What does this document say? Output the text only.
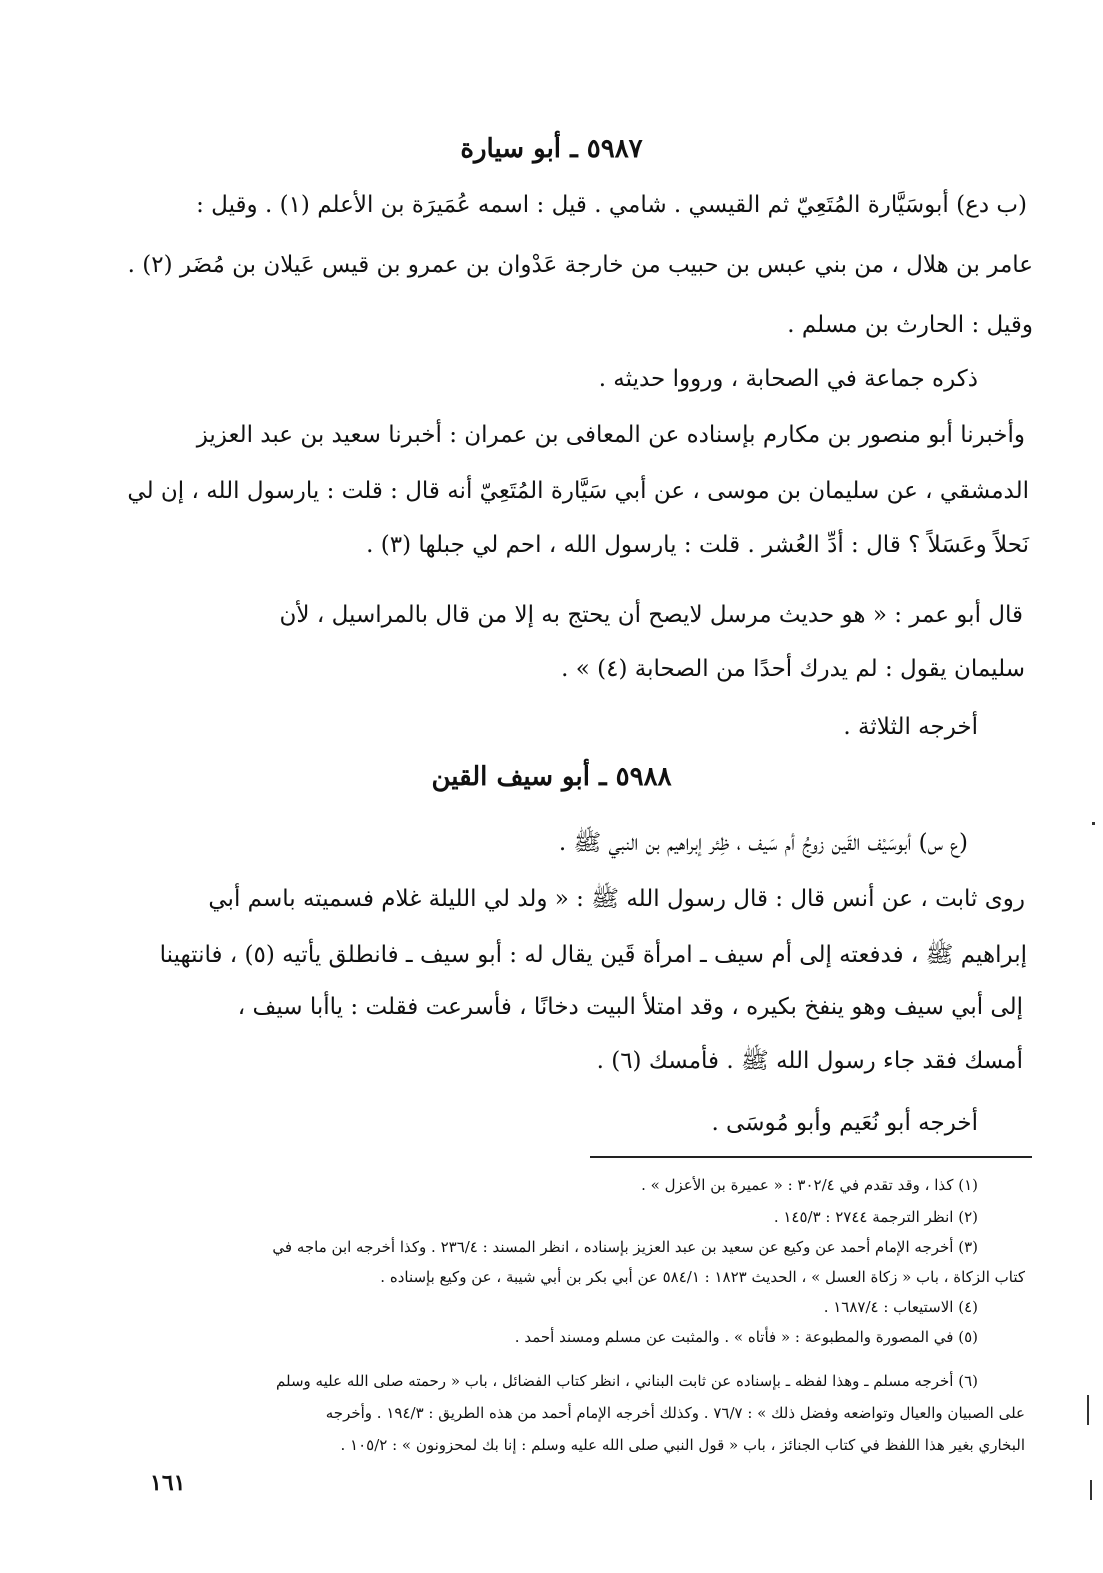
٥٩٨٧ ـ أبو سيارة
(ب دع) أبوسَيَّارة المُتَعِيّ ثم القيسي . شامي . قيل : اسمه عُمَيرَة بن الأعلم (١) . وقيل :
عامر بن هلال ، من بني عبس بن حبيب من خارجة عَدْوان بن عمرو بن قيس عَيلان بن مُضَر (٢) .
وقيل : الحارث بن مسلم .
ذكره جماعة في الصحابة ، ورووا حديثه .
وأخبرنا أبو منصور بن مكارم بإسناده عن المعافى بن عمران : أخبرنا سعيد بن عبد العزيز
الدمشقي ، عن سليمان بن موسى ، عن أبي سَيَّارة المُتَعِيّ أنه قال : قلت : يارسول الله ، إن لي
نَحلاً وعَسَلاً ؟ قال : أدِّ العُشر . قلت : يارسول الله ، احم لي جبلها (٣) .
قال أبو عمر : « هو حديث مرسل لايصح أن يحتج به إلا من قال بالمراسيل ، لأن
سليمان يقول : لم يدرك أحدًا من الصحابة (٤) » .
أخرجه الثلاثة .
٥٩٨٨ ـ أبو سيف القين
(ع س) أبوسَيْف القَين زوجُ أم سَيف ، ظِئر إبراهيم بن النبي ﷺ .
روى ثابت ، عن أنس قال : قال رسول الله ﷺ : « ولد لي الليلة غلام فسميته باسم أبي
إبراهيم ﷺ ، فدفعته إلى أم سيف ـ امرأة قَين يقال له : أبو سيف ـ فانطلق يأتيه (٥) ، فانتهينا
إلى أبي سيف وهو ينفخ بكيره ، وقد امتلأ البيت دخانًا ، فأسرعت فقلت : ياأبا سيف ،
أمسك فقد جاء رسول الله ﷺ . فأمسك (٦) .
أخرجه أبو نُعَيم وأبو مُوسَى .
(١) كذا ، وقد تقدم في ٣٠٢/٤ : « عميرة بن الأعزل » .
(٢) انظر الترجمة ٢٧٤٤ : ١٤٥/٣ .
(٣) أخرجه الإمام أحمد عن وكيع عن سعيد بن عبد العزيز بإسناده ، انظر المسند : ٢٣٦/٤ . وكذا أخرجه ابن ماجه في
كتاب الزكاة ، باب « زكاة العسل » ، الحديث ١٨٢٣ : ٥٨٤/١ عن أبي بكر بن أبي شيبة ، عن وكيع بإسناده .
(٤) الاستيعاب : ١٦٨٧/٤ .
(٥) في المصورة والمطبوعة : « فأتاه » . والمثبت عن مسلم ومسند أحمد .
(٦) أخرجه مسلم ـ وهذا لفظه ـ بإسناده عن ثابت البناني ، انظر كتاب الفضائل ، باب « رحمته صلى الله عليه وسلم
على الصبيان والعيال وتواضعه وفضل ذلك » : ٧٦/٧ . وكذلك أخرجه الإمام أحمد من هذه الطريق : ١٩٤/٣ . وأخرجه
البخاري بغير هذا اللفظ في كتاب الجنائز ، باب « قول النبي صلى الله عليه وسلم : إنا بك لمحزونون » : ١٠٥/٢ .
١٦١
